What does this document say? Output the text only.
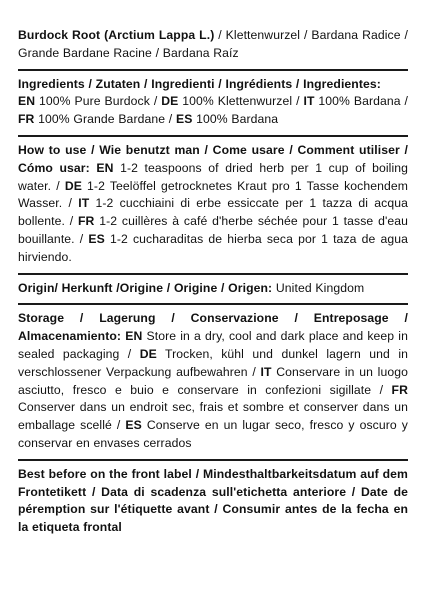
Burdock Root (Arctium Lappa L.) / Klettenwurzel / Bardana Radice / Grande Bardane Racine / Bardana Raíz

Ingredients / Zutaten / Ingredienti / Ingrédients / Ingredientes:
EN 100% Pure Burdock / DE 100% Klettenwurzel / IT 100% Bardana / FR 100% Grande Bardane / ES 100% Bardana

How to use / Wie benutzt man / Come usare / Comment utiliser / Cómo usar: EN 1-2 teaspoons of dried herb per 1 cup of boiling water. / DE 1-2 Teelöffel getrocknetes Kraut pro 1 Tasse kochendem Wasser. / IT 1-2 cucchiaini di erbe essiccate per 1 tazza di acqua bollente. / FR 1-2 cuillères à café d'herbe séchée pour 1 tasse d'eau bouillante. / ES 1-2 cucharaditas de hierba seca por 1 taza de agua hirviendo.

Origin/ Herkunft /Origine / Origine / Origen: United Kingdom

Storage / Lagerung / Conservazione / Entreposage / Almacenamiento: EN Store in a dry, cool and dark place and keep in sealed packaging / DE Trocken, kühl und dunkel lagern und in verschlossener Verpackung aufbewahren / IT Conservare in un luogo asciutto, fresco e buio e conservare in confezioni sigillate / FR Conserver dans un endroit sec, frais et sombre et conserver dans un emballage scellé / ES Conserve en un lugar seco, fresco y oscuro y conservar en envases cerrados

Best before on the front label / Mindesthaltbarkeitsdatum auf dem Frontetikett / Data di scadenza sull'etichetta anteriore / Date de péremption sur l'étiquette avant / Consumir antes de la fecha en la etiqueta frontal
